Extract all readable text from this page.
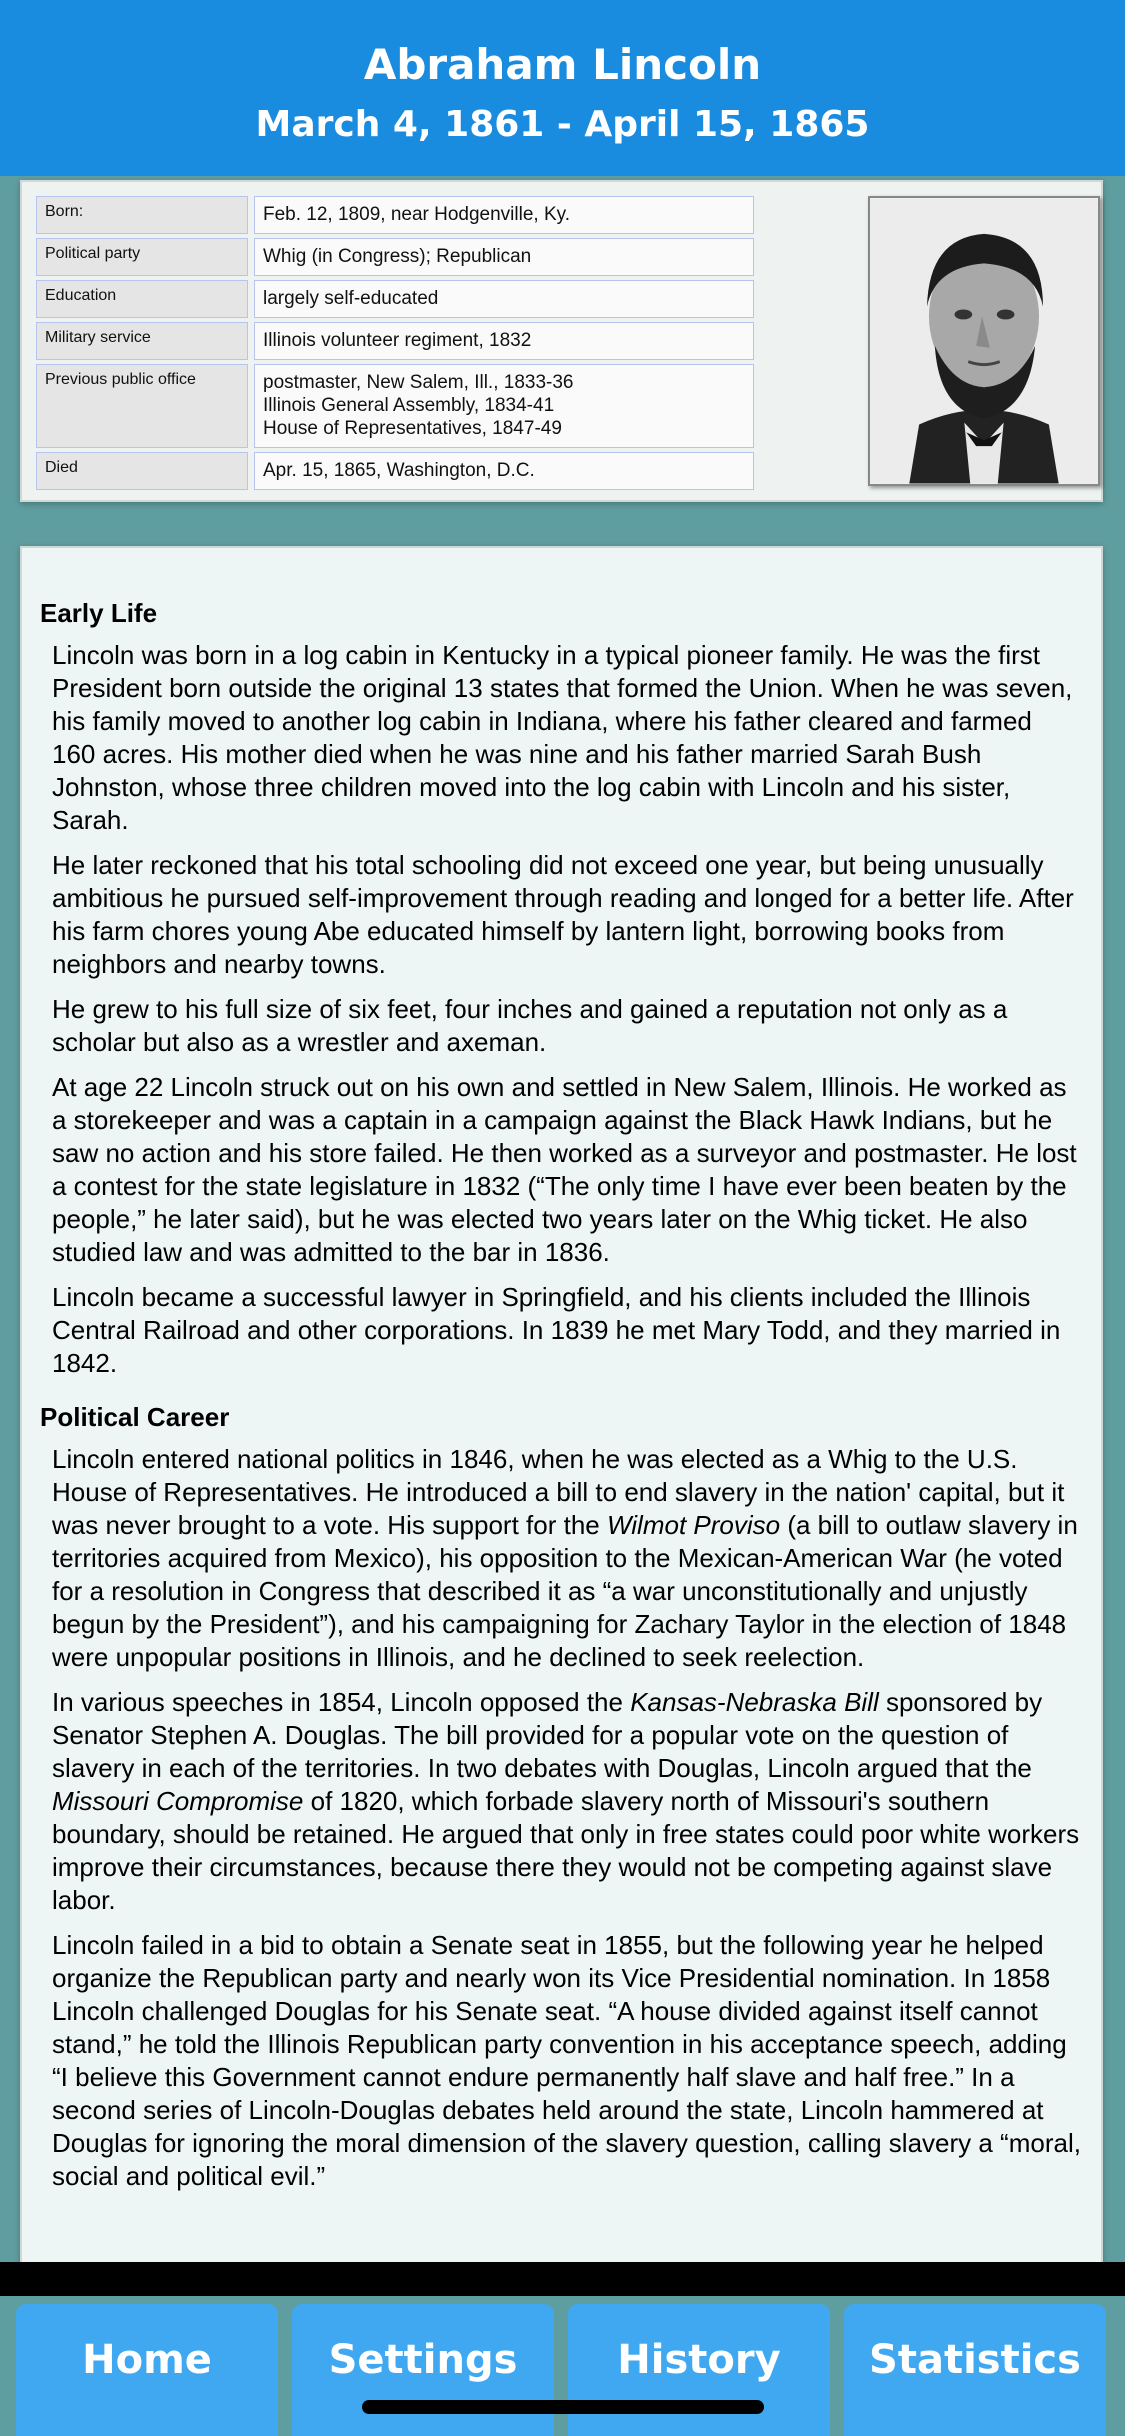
Abraham Lincoln
March 4, 1861 - April 15, 1865
Born:	Feb. 12, 1809, near Hodgenville, Ky.
Political party	Whig (in Congress); Republican
Education	largely self-educated
Military service	Illinois volunteer regiment, 1832
Previous public office	postmaster, New Salem, Ill., 1833-36
Illinois General Assembly, 1834-41
House of Representatives, 1847-49
Died	Apr. 15, 1865, Washington, D.C.
Early Life

Lincoln was born in a log cabin in Kentucky in a typical pioneer family. He was the first President born outside the original 13 states that formed the Union. When he was seven, his family moved to another log cabin in Indiana, where his father cleared and farmed 160 acres. His mother died when he was nine and his father married Sarah Bush Johnston, whose three children moved into the log cabin with Lincoln and his sister, Sarah.

He later reckoned that his total schooling did not exceed one year, but being unusually ambitious he pursued self-improvement through reading and longed for a better life. After his farm chores young Abe educated himself by lantern light, borrowing books from neighbors and nearby towns.

He grew to his full size of six feet, four inches and gained a reputation not only as a scholar but also as a wrestler and axeman.

At age 22 Lincoln struck out on his own and settled in New Salem, Illinois. He worked as a storekeeper and was a captain in a campaign against the Black Hawk Indians, but he saw no action and his store failed. He then worked as a surveyor and postmaster. He lost a contest for the state legislature in 1832 (“The only time I have ever been beaten by the people,” he later said), but he was elected two years later on the Whig ticket. He also studied law and was admitted to the bar in 1836.

Lincoln became a successful lawyer in Springfield, and his clients included the Illinois Central Railroad and other corporations. In 1839 he met Mary Todd, and they married in 1842.

Political Career

Lincoln entered national politics in 1846, when he was elected as a Whig to the U.S. House of Representatives. He introduced a bill to end slavery in the nation' capital, but it was never brought to a vote. His support for the Wilmot Proviso (a bill to outlaw slavery in territories acquired from Mexico), his opposition to the Mexican-American War (he voted for a resolution in Congress that described it as “a war unconstitutionally and unjustly begun by the President”), and his campaigning for Zachary Taylor in the election of 1848 were unpopular positions in Illinois, and he declined to seek reelection.

In various speeches in 1854, Lincoln opposed the Kansas-Nebraska Bill sponsored by Senator Stephen A. Douglas. The bill provided for a popular vote on the question of slavery in each of the territories. In two debates with Douglas, Lincoln argued that the Missouri Compromise of 1820, which forbade slavery north of Missouri's southern boundary, should be retained. He argued that only in free states could poor white workers improve their circumstances, because there they would not be competing against slave labor.

Lincoln failed in a bid to obtain a Senate seat in 1855, but the following year he helped organize the Republican party and nearly won its Vice Presidential nomination. In 1858 Lincoln challenged Douglas for his Senate seat. “A house divided against itself cannot stand,” he told the Illinois Republican party convention in his acceptance speech, adding “I believe this Government cannot endure permanently half slave and half free.” In a second series of Lincoln-Douglas debates held around the state, Lincoln hammered at Douglas for ignoring the moral dimension of the slavery question, calling slavery a “moral, social and political evil.”

Home	Settings	History	Statistics
